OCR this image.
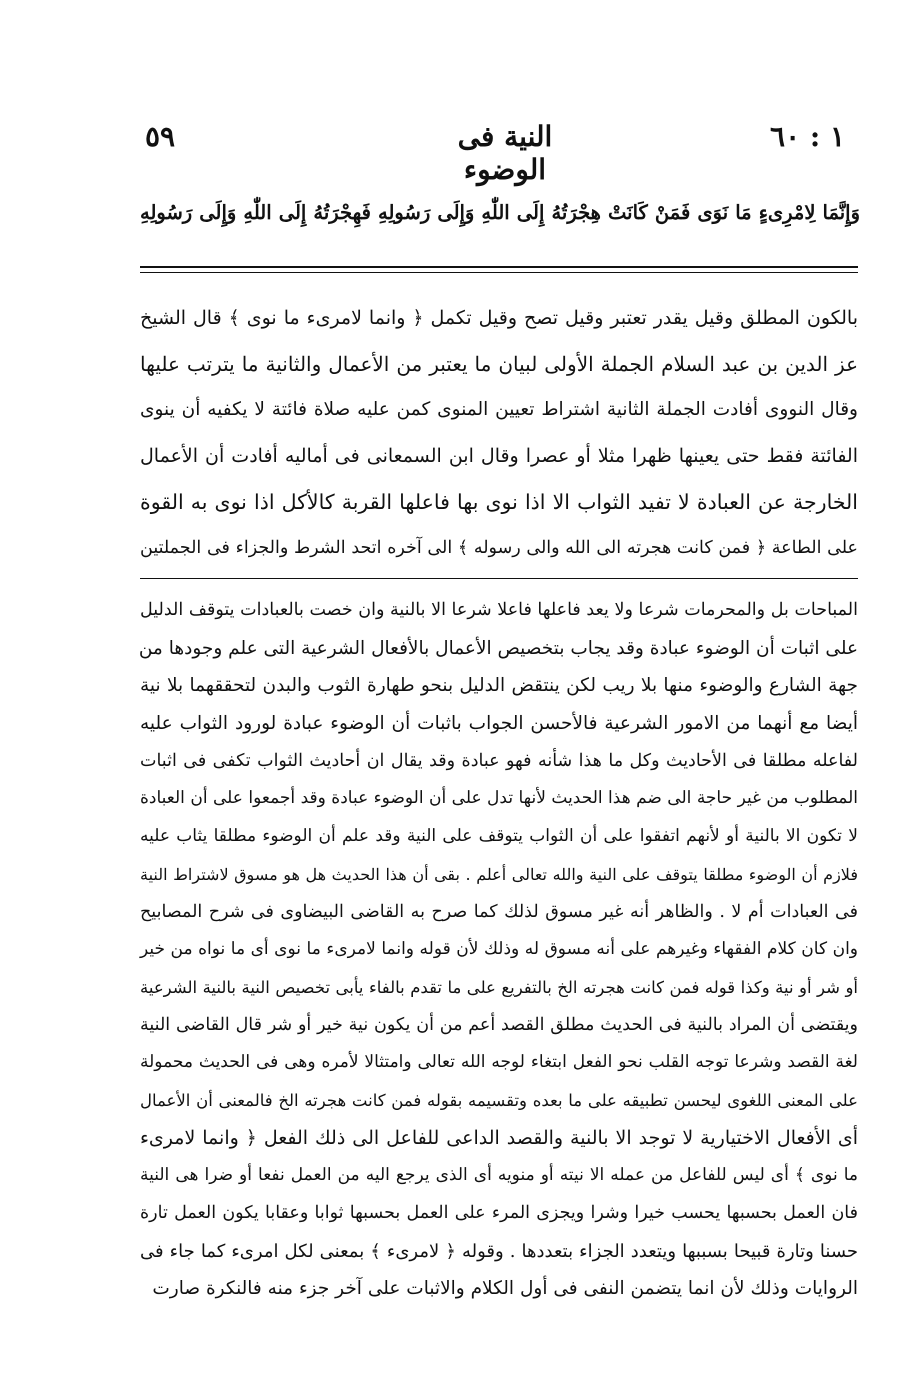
١ : ٦٠
النية فى الوضوء
٥٩
وَإِنَّمَا لِامْرِىءٍ مَا نَوَى فَمَنْ كَانَتْ هِجْرَتُهُ إِلَى اللّٰهِ وَإِلَى رَسُولِهِ فَهِجْرَتُهُ إِلَى اللّٰهِ وَإِلَى رَسُولِهِ
بالكون المطلق وقيل يقدر تعتبر وقيل تصح وقيل تكمل ﴿ وانما لامرىء ما نوى ﴾ قال الشيخ
عز الدين بن عبد السلام الجملة الأولى لبيان ما يعتبر من الأعمال والثانية ما يترتب عليها
وقال النووى أفادت الجملة الثانية اشتراط تعيين المنوى كمن عليه صلاة فائتة لا يكفيه أن ينوى
الفائتة فقط حتى يعينها ظهرا مثلا أو عصرا وقال ابن السمعانى فى أماليه أفادت أن الأعمال
الخارجة عن العبادة لا تفيد الثواب الا اذا نوى بها فاعلها القربة كالأكل اذا نوى به القوة
على الطاعة ﴿ فمن كانت هجرته الى الله والى رسوله ﴾ الى آخره اتحد الشرط والجزاء فى الجملتين
المباحات بل والمحرمات شرعا ولا يعد فاعلها فاعلا شرعا الا بالنية وان خصت بالعبادات يتوقف الدليل
على اثبات أن الوضوء عبادة وقد يجاب بتخصيص الأعمال بالأفعال الشرعية التى علم وجودها من
جهة الشارع والوضوء منها بلا ريب لكن ينتقض الدليل بنحو طهارة الثوب والبدن لتحققهما بلا نية
أيضا مع أنهما من الامور الشرعية فالأحسن الجواب باثبات أن الوضوء عبادة لورود الثواب عليه
لفاعله مطلقا فى الأحاديث وكل ما هذا شأنه فهو عبادة وقد يقال ان أحاديث الثواب تكفى فى اثبات
المطلوب من غير حاجة الى ضم هذا الحديث لأنها تدل على أن الوضوء عبادة وقد أجمعوا على أن العبادة
لا تكون الا بالنية أو لأنهم اتفقوا على أن الثواب يتوقف على النية وقد علم أن الوضوء مطلقا يثاب عليه
فلازم أن الوضوء مطلقا يتوقف على النية والله تعالى أعلم . بقى أن هذا الحديث هل هو مسوق لاشتراط النية
فى العبادات أم لا . والظاهر أنه غير مسوق لذلك كما صرح به القاضى البيضاوى فى شرح المصابيح
وان كان كلام الفقهاء وغيرهم على أنه مسوق له وذلك لأن قوله وانما لامرىء ما نوى أى ما نواه من خير
أو شر أو نية وكذا قوله فمن كانت هجرته الخ بالتفريع على ما تقدم بالفاء يأبى تخصيص النية بالنية الشرعية
ويقتضى أن المراد بالنية فى الحديث مطلق القصد أعم من أن يكون نية خير أو شر قال القاضى النية
لغة القصد وشرعا توجه القلب نحو الفعل ابتغاء لوجه الله تعالى وامتثالا لأمره وهى فى الحديث محمولة
على المعنى اللغوى ليحسن تطبيقه على ما بعده وتقسيمه بقوله فمن كانت هجرته الخ فالمعنى أن الأعمال
أى الأفعال الاختيارية لا توجد الا بالنية والقصد الداعى للفاعل الى ذلك الفعل ﴿ وانما لامرىء
ما نوى ﴾ أى ليس للفاعل من عمله الا نيته أو منويه أى الذى يرجع اليه من العمل نفعا أو ضرا هى النية
فان العمل بحسبها يحسب خيرا وشرا ويجزى المرء على العمل بحسبها ثوابا وعقابا يكون العمل تارة
حسنا وتارة قبيحا بسببها ويتعدد الجزاء بتعددها . وقوله ﴿ لامرىء ﴾ بمعنى لكل امرىء كما جاء فى
الروايات وذلك لأن انما يتضمن النفى فى أول الكلام والاثبات على آخر جزء منه فالنكرة صارت
